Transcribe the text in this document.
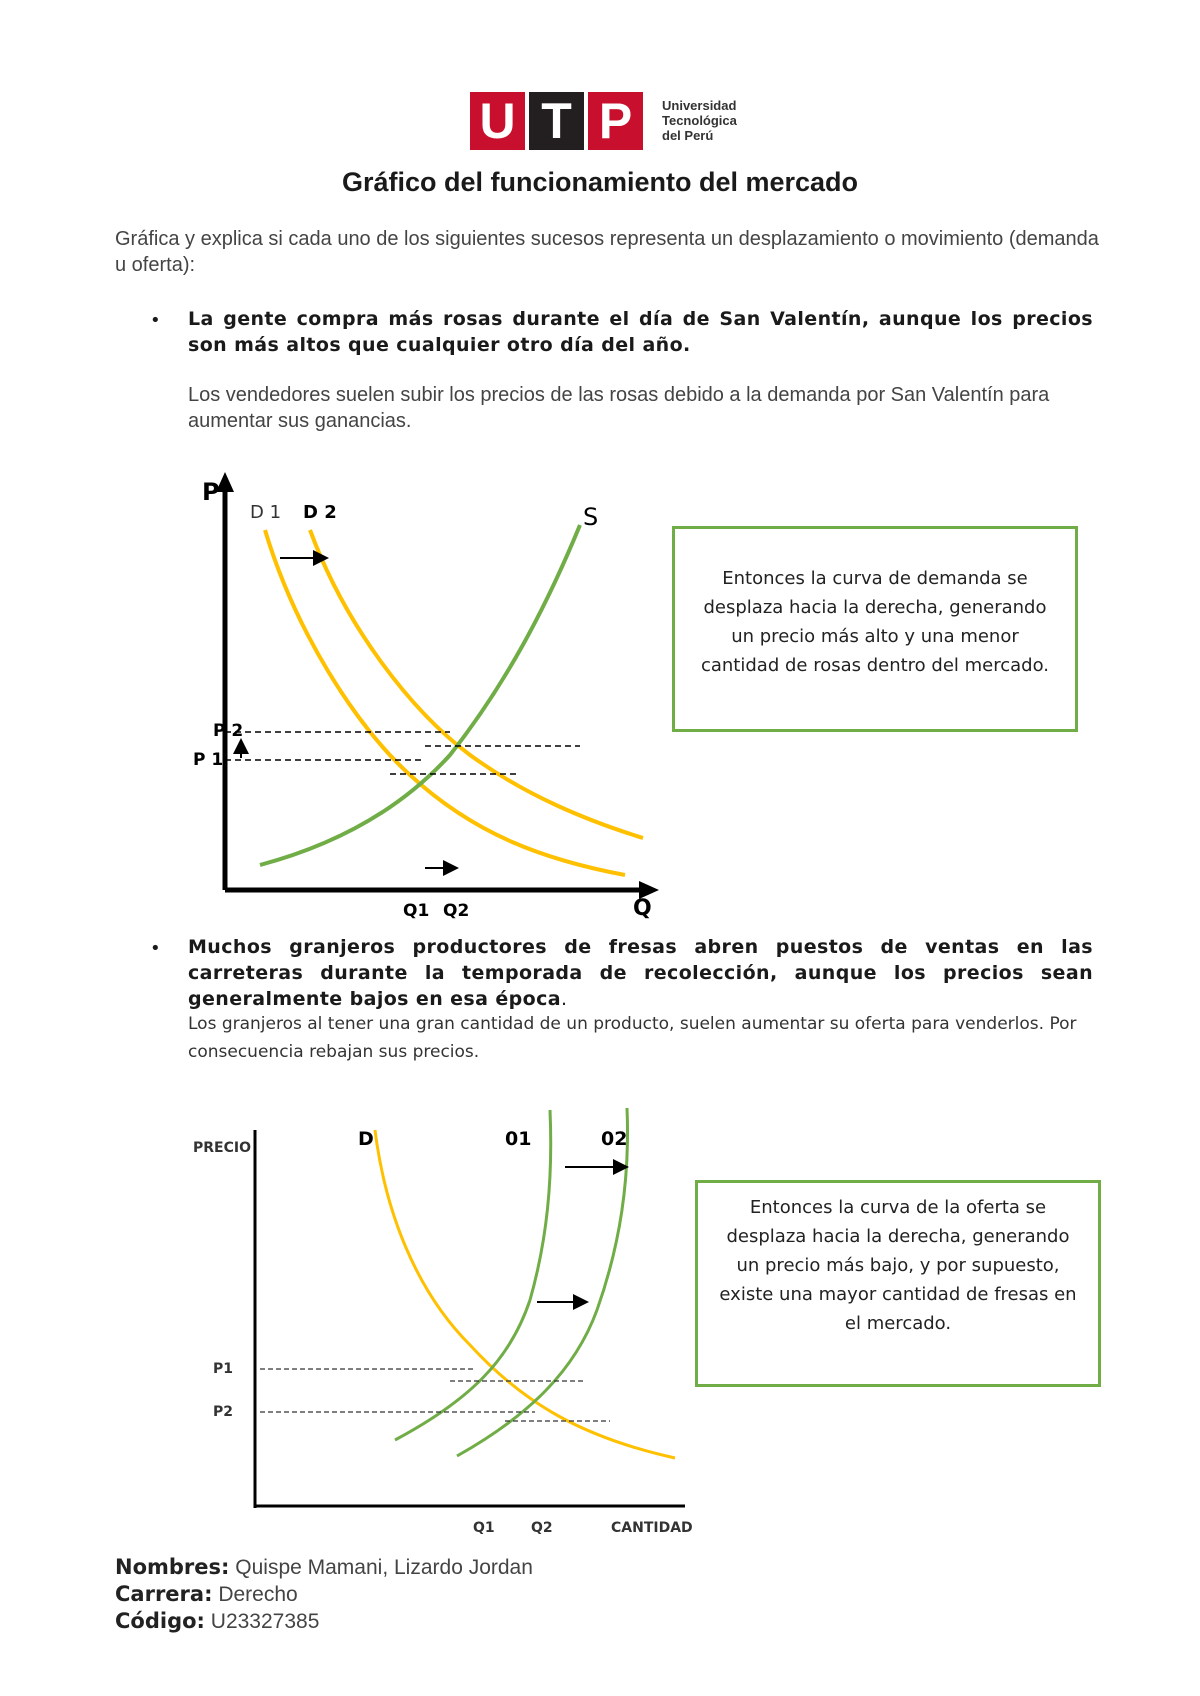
U T P	Universidad
Tecnológica
del Perú
Gráfico del funcionamiento del mercado
Gráfica y explica si cada uno de los siguientes sucesos representa un desplazamiento o movimiento (demanda u oferta):
• La gente compra más rosas durante el día de San Valentín, aunque los precios son más altos que cualquier otro día del año.
Los vendedores suelen subir los precios de las rosas debido a la demanda por San Valentín para aumentar sus ganancias.
P
Q
D 1 D 2	S
P 2
P 1
Q1 Q2

Entonces la curva de demanda se desplaza hacia la derecha, generando un precio más alto y una menor cantidad de rosas dentro del mercado.

• Muchos granjeros productores de fresas abren puestos de ventas en las carreteras durante la temporada de recolección, aunque los precios sean generalmente bajos en esa época.
Los granjeros al tener una gran cantidad de un producto, suelen aumentar su oferta para venderlos. Por consecuencia rebajan sus precios.
PRECIO
CANTIDAD
D	01	02
P1
P2
Q1	Q2

Entonces la curva de la oferta se desplaza hacia la derecha, generando un precio más bajo, y por supuesto, existe una mayor cantidad de fresas en el mercado.

Nombres: Quispe Mamani, Lizardo Jordan
Carrera: Derecho
Código: U23327385
